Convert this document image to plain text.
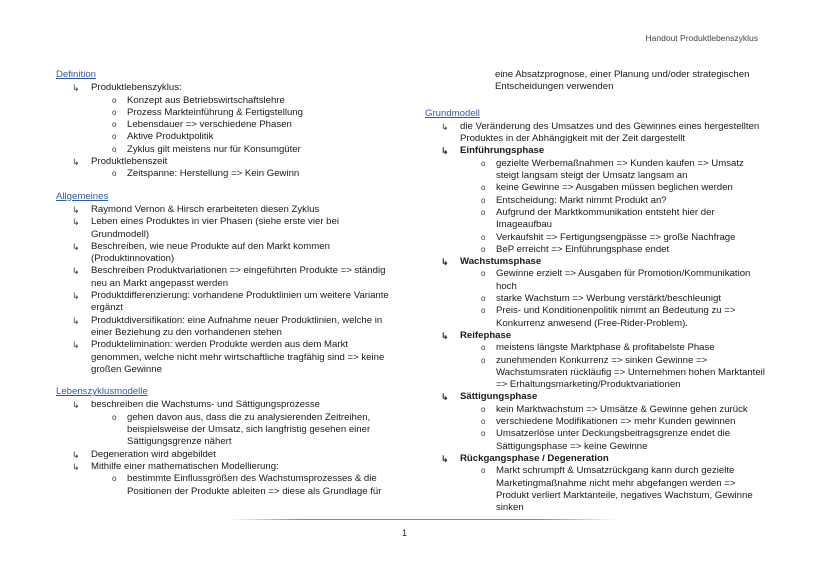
Handout Produktlebenszyklus
Definition
↳ Produktlebenszyklus:
o Konzept aus Betriebswirtschaftslehre
o Prozess Markteinführung & Fertigstellung
o Lebensdauer => verschiedene Phasen
o Aktive Produktpolitik
o Zyklus gilt meistens nur für Konsumgüter
↳ Produktlebenszeit
o Zeitspanne: Herstellung => Kein Gewinn
Allgemeines
↳ Raymond Vernon & Hirsch erarbeiteten diesen Zyklus
↳ Leben eines Produktes in vier Phasen (siehe erste vier bei Grundmodell)
↳ Beschreiben, wie neue Produkte auf den Markt kommen (Produktinnovation)
↳ Beschreiben Produktvariationen => eingeführten Produkte => ständig neu an Markt angepasst werden
↳ Produktdifferenzierung: vorhandene Produktlinien um weitere Variante ergänzt
↳ Produktdiversifikation: eine Aufnahme neuer Produktlinien, welche in einer Beziehung zu den vorhandenen stehen
↳ Produktelimination: werden Produkte werden aus dem Markt genommen, welche nicht mehr wirtschaftliche tragfähig sind => keine großen Gewinne
Lebenszyklusmodelle
↳ beschreiben die Wachstums- und Sättigungsprozesse
o gehen davon aus, dass die zu analysierenden Zeitreihen, beispielsweise der Umsatz, sich langfristig gesehen einer Sättigungsgrenze nähert
↳ Degeneration wird abgebildet
↳ Mithilfe einer mathematischen Modellierung:
o bestimmte Einflussgrößen des Wachstumsprozesses & die Positionen der Produkte ableiten => diese als Grundlage für
eine Absatzprognose, einer Planung und/oder strategischen Entscheidungen verwenden
Grundmodell
↳ die Veränderung des Umsatzes und des Gewinnes eines hergestellten Produktes in der Abhängigkeit mit der Zeit dargestellt
↳ Einführungsphase
o gezielte Werbemaßnahmen => Kunden kaufen => Umsatz steigt langsam steigt der Umsatz langsam an
o keine Gewinne => Ausgaben müssen beglichen werden
o Entscheidung: Markt nimmt Produkt an?
o Aufgrund der Marktkommunikation entsteht hier der Imageaufbau
o Verkaufshit => Fertigungsengpässe => große Nachfrage
o BeP erreicht => Einführungsphase endet
↳ Wachstumsphase
o Gewinne erzielt => Ausgaben für Promotion/Kommunikation hoch
o starke Wachstum => Werbung verstärkt/beschleunigt
o Preis- und Konditionenpolitik nimmt an Bedeutung zu => Konkurrenz anwesend (Free-Rider-Problem).
↳ Reifephase
o meistens längste Marktphase & profitabelste Phase
o zunehmenden Konkurrenz => sinken Gewinne => Wachstumsraten rückläufig => Unternehmen hohen Marktanteil => Erhaltungsmarketing/Produktvariationen
↳ Sättigungsphase
o kein Marktwachstum => Umsätze & Gewinne gehen zurück
o verschiedene Modifikationen => mehr Kunden gewinnen
o Umsatzerlöse unter Deckungsbeitragsgrenze endet die Sättigungsphase => keine Gewinne
↳ Rückgangsphase / Degeneration
o Markt schrumpft & Umsatzrückgang kann durch gezielte Marketingmaßnahme nicht mehr abgefangen werden => Produkt verliert Marktanteile, negatives Wachstum, Gewinne sinken
1
